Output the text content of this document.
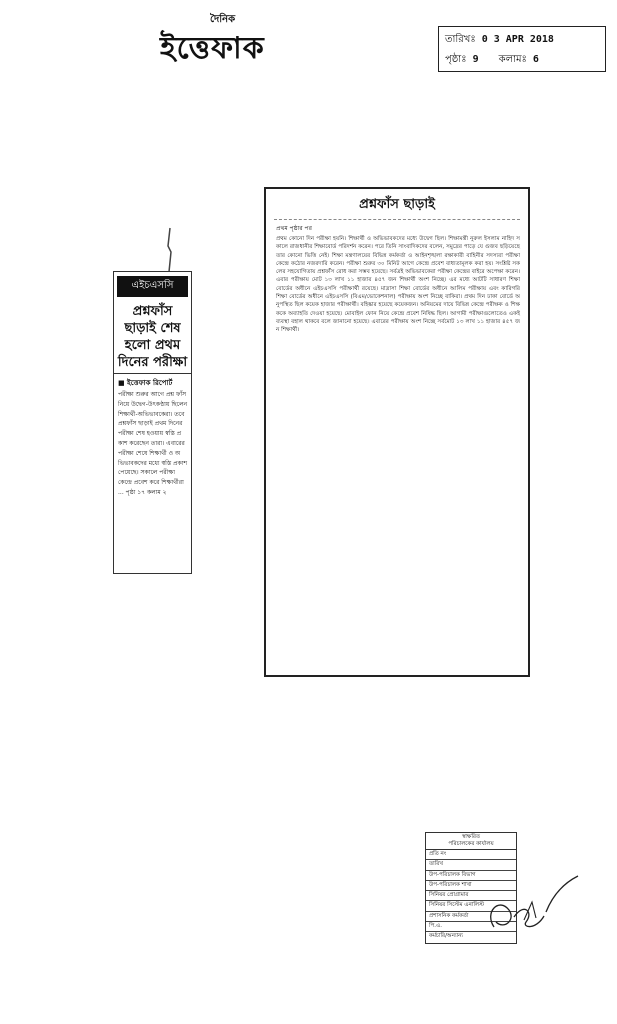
দৈনিক
ইত্তেফাক	তারিখঃ 0 3 APR 2018
পৃষ্ঠাঃ 9 কলামঃ 6
এইচএসসি
প্রশ্নফাঁস ছাড়াই শেষ হলো প্রথম দিনের পরীক্ষা
■ ইত্তেফাক রিপোর্ট
পরীক্ষা শুরুর আগে প্রশ্ন ফাঁস নিয়ে উদ্বেগ-উৎকণ্ঠায় ছিলেন শিক্ষার্থী-অভিভাবকেরা। তবে প্রশ্নফাঁস ছাড়াই প্রথম দিনের পরীক্ষা শেষ হওয়ায় স্বস্তি প্রকাশ করেছেন তারা। এবারের পরীক্ষা শেষে শিক্ষার্থী ও অভিভাবকদের মধ্যে স্বস্তি প্রকাশ পেয়েছে। সকালে পরীক্ষা কেন্দ্রে প্রবেশ করে শিক্ষার্থীরা ... পৃষ্ঠা ১৭ কলাম ২
প্রশ্নফাঁস ছাড়াই
প্রথম পৃষ্ঠার পর
প্রথম কোনো দিন পরীক্ষা হয়নি। শিক্ষার্থী ও অভিভাবকদের মধ্যে উদ্বেগ ছিল। শিক্ষামন্ত্রী নুরুল ইসলাম নাহিদ সকালে রাজধানীর শিক্ষাবোর্ড পরিদর্শন করেন। পরে তিনি সাংবাদিকদের বলেন, সমুদ্রের পাড়ে যে গুজব ছড়িয়েছে তার কোনো ভিত্তি নেই। শিক্ষা মন্ত্রণালয়ের বিভিন্ন কর্মকর্তা ও আইনশৃঙ্খলা রক্ষাকারী বাহিনীর সদস্যরা পরীক্ষা কেন্দ্রে কঠোর নজরদারি করেন। পরীক্ষা শুরুর ৩০ মিনিট আগে কেন্দ্রে প্রবেশ বাধ্যতামূলক করা হয়। সংশ্লিষ্ট সকলের সহযোগিতায় প্রশ্নফাঁস রোধ করা সম্ভব হয়েছে। সর্বত্রই অভিভাবকেরা পরীক্ষা কেন্দ্রের বাইরে অপেক্ষা করেন। এবার পরীক্ষায় মোট ১৩ লাখ ১১ হাজার ৪৫৭ জন শিক্ষার্থী অংশ নিচ্ছে। এর মধ্যে আটটি সাধারণ শিক্ষা বোর্ডের অধীনে এইচএসসি পরীক্ষার্থী রয়েছে। মাদ্রাসা শিক্ষা বোর্ডের অধীনে আলিম পরীক্ষায় এবং কারিগরি শিক্ষা বোর্ডের অধীনে এইচএসসি (বিএম/ভোকেশনাল) পরীক্ষায় অংশ নিচ্ছে বাকিরা। প্রথম দিন ঢাকা বোর্ডে অনুপস্থিত ছিল কয়েক হাজার পরীক্ষার্থী। বহিষ্কার হয়েছে কয়েকজন। অনিয়মের দায়ে বিভিন্ন কেন্দ্রে পরীক্ষক ও শিক্ষককে অব্যাহতি দেওয়া হয়েছে। মোবাইল ফোন নিয়ে কেন্দ্রে প্রবেশ নিষিদ্ধ ছিল। আগামী পরীক্ষাগুলোতেও একই ব্যবস্থা বহাল থাকবে বলে জানানো হয়েছে। এবারের পরীক্ষায় অংশ নিচ্ছে সর্বমোট ১৩ লাখ ১১ হাজার ৪৫৭ জন শিক্ষার্থী।
স্বাক্ষরিত
পরিচালকের কার্যালয়
প্রতি নং
তারিখ
উপ-পরিচালক বিভাগ
উপ-পরিচালক শাখা
সিনিয়র প্রোগ্রামার
সিনিয়র সিস্টেম এনালিস্ট
প্রশাসনিক কর্মকর্তা
পি.এ.
কর্মচারি/অন্যান্য
